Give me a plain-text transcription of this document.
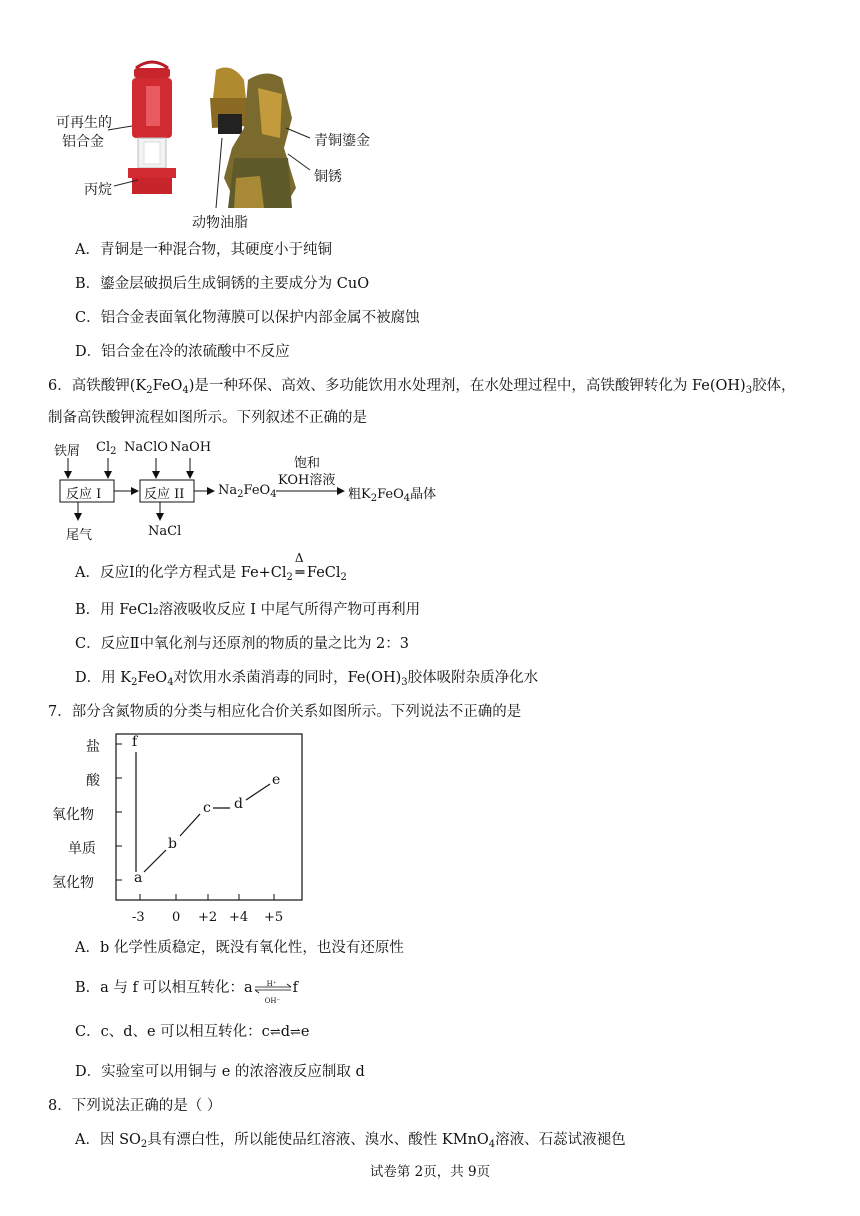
可再生的
铝合金
丙烷
青铜鎏金
铜锈
动物油脂
A．青铜是一种混合物，其硬度小于纯铜
B．鎏金层破损后生成铜锈的主要成分为 CuO
C．铝合金表面氧化物薄膜可以保护内部金属不被腐蚀
D．铝合金在冷的浓硫酸中不反应
6．高铁酸钾$(K_2FeO_4)$是一种环保、高效、多功能饮用水处理剂，在水处理过程中，高铁酸钾转化为 $Fe(OH)_3$胶体，
制备高铁酸钾流程如图所示。下列叙述不正确的是
铁屑 $Cl_2$ NaClO NaOH
反应 I	反应 II	$Na_2FeO_4$
饱和
KOH溶液
粗$K_2FeO_4$晶体
尾气	NaCl
A．反应Ⅰ的化学方程式是 $Fe+Cl_2$
Δ
═ FeCl$_2$
B．用 FeCl₂溶液吸收反应 I 中尾气所得产物可再利用
C．反应Ⅱ中氧化剂与还原剂的物质的量之比为 2：3
D．用 $K_2FeO_4$对饮用水杀菌消毒的同时，$Fe(OH)_3$胶体吸附杂质净化水
7．部分含氮物质的分类与相应化合价关系如图所示。下列说法不正确的是
盐
酸
氧化物
单质
氢化物
-3 0 +2 +4 +5
f
a
b
c d
e
A．b 化学性质稳定，既没有氧化性，也没有还原性
B．a 与 f 可以相互转化：a H⁺
OH⁻
f
C．c、d、e 可以相互转化：c⇌d⇌e
D．实验室可以用铜与 e 的浓溶液反应制取 d
8．下列说法正确的是（ ）
A．因 $SO_2$具有漂白性，所以能使品红溶液、溴水、酸性 KMnO$_4$溶液、石蕊试液褪色
试卷第 2页，共 9页
